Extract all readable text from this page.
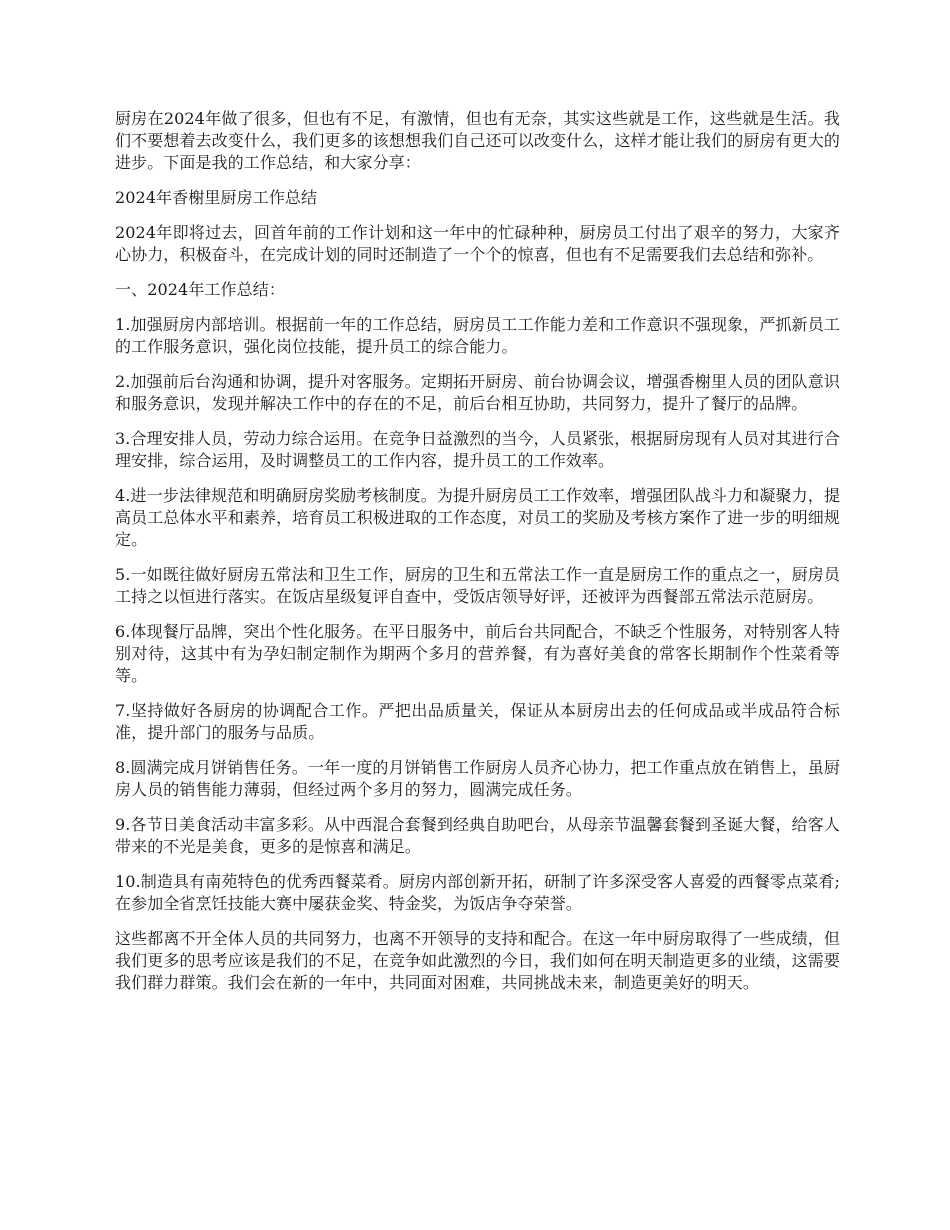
厨房在2024年做了很多，但也有不足，有激情，但也有无奈，其实这些就是工作，这些就是生活。我们不要想着去改变什么，我们更多的该想想我们自己还可以改变什么，这样才能让我们的厨房有更大的进步。下面是我的工作总结，和大家分享：

2024年香榭里厨房工作总结

2024年即将过去，回首年前的工作计划和这一年中的忙碌种种，厨房员工付出了艰辛的努力，大家齐心协力，积极奋斗，在完成计划的同时还制造了一个个的惊喜，但也有不足需要我们去总结和弥补。

一、2024年工作总结：

1.加强厨房内部培训。根据前一年的工作总结，厨房员工工作能力差和工作意识不强现象，严抓新员工的工作服务意识，强化岗位技能，提升员工的综合能力。

2.加强前后台沟通和协调，提升对客服务。定期拓开厨房、前台协调会议，增强香榭里人员的团队意识和服务意识，发现并解决工作中的存在的不足，前后台相互协助，共同努力，提升了餐厅的品牌。

3.合理安排人员，劳动力综合运用。在竞争日益激烈的当今，人员紧张，根据厨房现有人员对其进行合理安排，综合运用，及时调整员工的工作内容，提升员工的工作效率。

4.进一步法律规范和明确厨房奖励考核制度。为提升厨房员工工作效率，增强团队战斗力和凝聚力，提高员工总体水平和素养，培育员工积极进取的工作态度，对员工的奖励及考核方案作了进一步的明细规定。

5.一如既往做好厨房五常法和卫生工作，厨房的卫生和五常法工作一直是厨房工作的重点之一，厨房员工持之以恒进行落实。在饭店星级复评自查中，受饭店领导好评，还被评为西餐部五常法示范厨房。

6.体现餐厅品牌，突出个性化服务。在平日服务中，前后台共同配合，不缺乏个性服务，对特别客人特别对待，这其中有为孕妇制定制作为期两个多月的营养餐，有为喜好美食的常客长期制作个性菜肴等等。

7.坚持做好各厨房的协调配合工作。严把出品质量关，保证从本厨房出去的任何成品或半成品符合标准，提升部门的服务与品质。

8.圆满完成月饼销售任务。一年一度的月饼销售工作厨房人员齐心协力，把工作重点放在销售上，虽厨房人员的销售能力薄弱，但经过两个多月的努力，圆满完成任务。

9.各节日美食活动丰富多彩。从中西混合套餐到经典自助吧台，从母亲节温馨套餐到圣诞大餐，给客人带来的不光是美食，更多的是惊喜和满足。

10.制造具有南苑特色的优秀西餐菜肴。厨房内部创新开拓，研制了许多深受客人喜爱的西餐零点菜肴;在参加全省烹饪技能大赛中屡获金奖、特金奖，为饭店争夺荣誉。

这些都离不开全体人员的共同努力，也离不开领导的支持和配合。在这一年中厨房取得了一些成绩，但我们更多的思考应该是我们的不足，在竞争如此激烈的今日，我们如何在明天制造更多的业绩，这需要我们群力群策。我们会在新的一年中，共同面对困难，共同挑战未来，制造更美好的明天。
